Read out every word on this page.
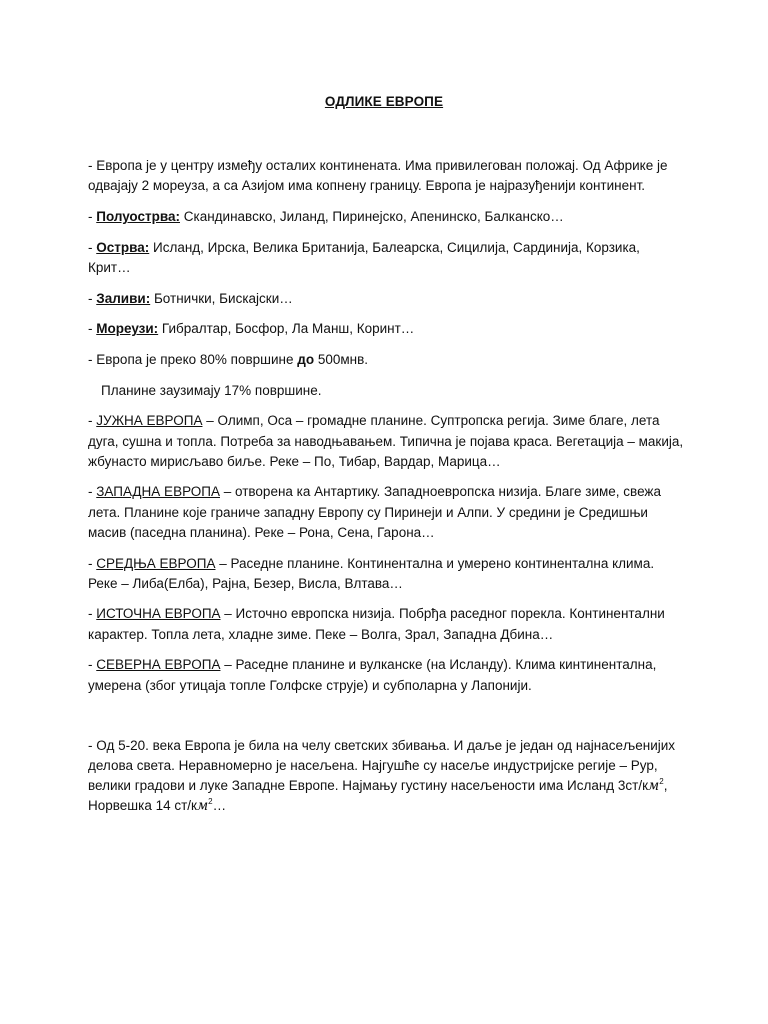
ОДЛИКЕ ЕВРОПЕ

- Европа је у центру између осталих континената. Има привилегован положај. Од Африке је одвајају 2 мореуза, а са Азијом има копнену границу. Европа је најразуђенији континент.

- Полуострва: Скандинавско, Јиланд, Пиринејско, Апенинско, Балканско…

- Острва: Исланд, Ирска, Велика Британија, Балеарска, Сицилија, Сардинија, Корзика, Крит…

- Заливи: Ботнички, Бискајски…

- Мореузи: Гибралтар, Босфор, Ла Манш, Коринт…

- Европа је преко 80% површине до 500мнв.

Планине заузимају 17% површине.

- ЈУЖНА ЕВРОПА – Олимп, Оса – громадне планине. Суптропска регија. Зиме благе, лета дуга, сушна и топла. Потреба за наводњавањем. Типична је појава краса. Вегетација – макија, жбунасто мирисљаво биље. Реке – По, Тибар, Вардар, Марица…

- ЗАПАДНА ЕВРОПА – отворена ка Антартику. Западноевропска низија. Благе зиме, свежа лета. Планине које граниче западну Европу су Пиринеји и Алпи. У средини је Средишњи масив (паседна планина). Реке – Рона, Сена, Гарона…

- СРЕДЊА ЕВРОПА – Раседне планине. Континентална и умерено континентална клима. Реке – Либа(Елба), Рајна, Безер, Висла, Влтава…

- ИСТОЧНА ЕВРОПА – Источно европска низија. Побрђа раседног порекла. Континентални карактер. Топла лета, хладне зиме. Пеке – Волга, Зрал, Западна Дбина…

- СЕВЕРНА ЕВРОПА – Раседне планине и вулканске (на Исланду). Клима кинтинентална, умерена (због утицаја топле Голфске струје) и субполарна у Лапонији.

- Од 5-20. века Европа је била на челу светских збивања. И даље је један од најнасељенијих делова света. Неравномерно је насељена. Најгушће су насеље индустријске регије – Рур, велики градови и луке Западне Европе. Најмању густину насељености има Исланд $3ст/км^2$, Норвешка 14 $ст/км^2\dots$
